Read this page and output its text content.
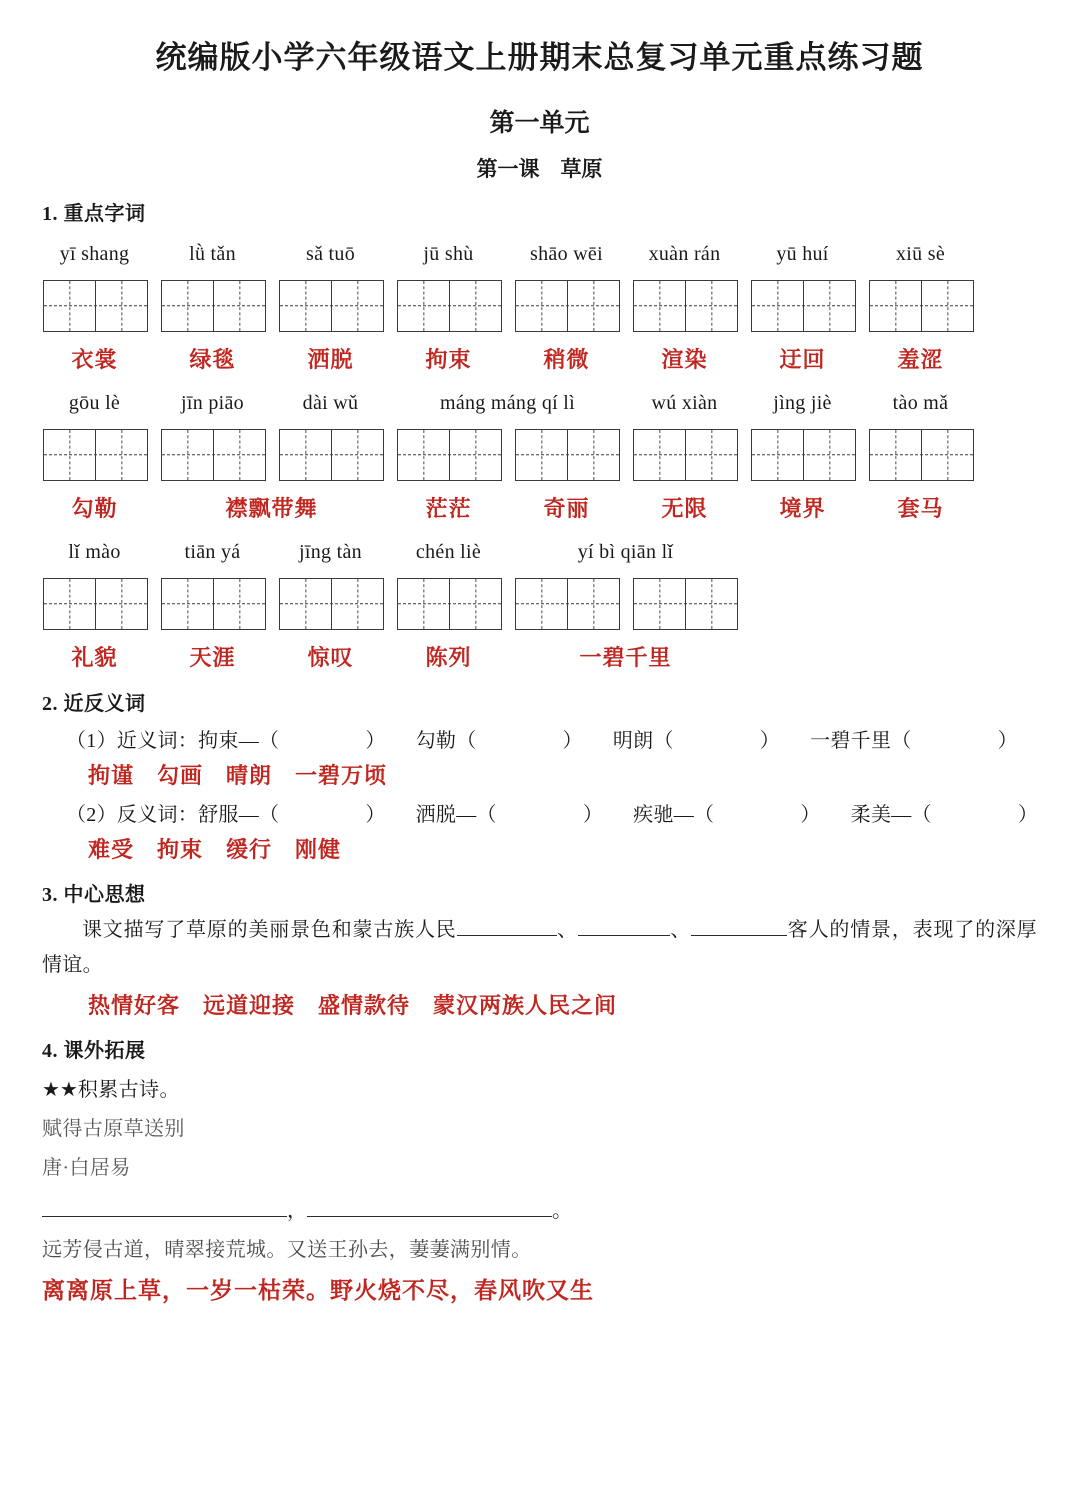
统编版小学六年级语文上册期末总复习单元重点练习题
第一单元
第一课　草原
1. 重点字词
yī shang	lǜ tǎn	sǎ tuō	jū shù	shāo wēi	xuàn rán	yū huí	xiū sè
衣裳	绿毯	洒脱	拘束	稍微	渲染	迂回	羞涩
gōu lè	jīn piāo	dài wǔ	máng máng qí lì	wú xiàn	jìng jiè	tào mǎ
勾勒	襟飘带舞	茫茫	奇丽	无限	境界	套马
lǐ mào	tiān yá	jīng tàn	chén liè	yí bì qiān lǐ
礼貌	天涯	惊叹	陈列	一碧千里
2. 近反义词
（1）近义词：拘束—（	） 勾勒（	） 明朗（	） 一碧千里（	）
拘谨　勾画　晴朗　一碧万顷
（2）反义词：舒服—（	） 洒脱—（	） 疾驰—（	） 柔美—（	）
难受　拘束　缓行　刚健
3. 中心思想
课文描写了草原的美丽景色和蒙古族人民	、	、	客人的情景，表现了的深厚情谊。
热情好客　远道迎接　盛情款待　蒙汉两族人民之间
4. 课外拓展
★★积累古诗。
赋得古原草送别
唐·白居易
，	。
远芳侵古道，晴翠接荒城。又送王孙去，萋萋满别情。
离离原上草，一岁一枯荣。野火烧不尽，春风吹又生
